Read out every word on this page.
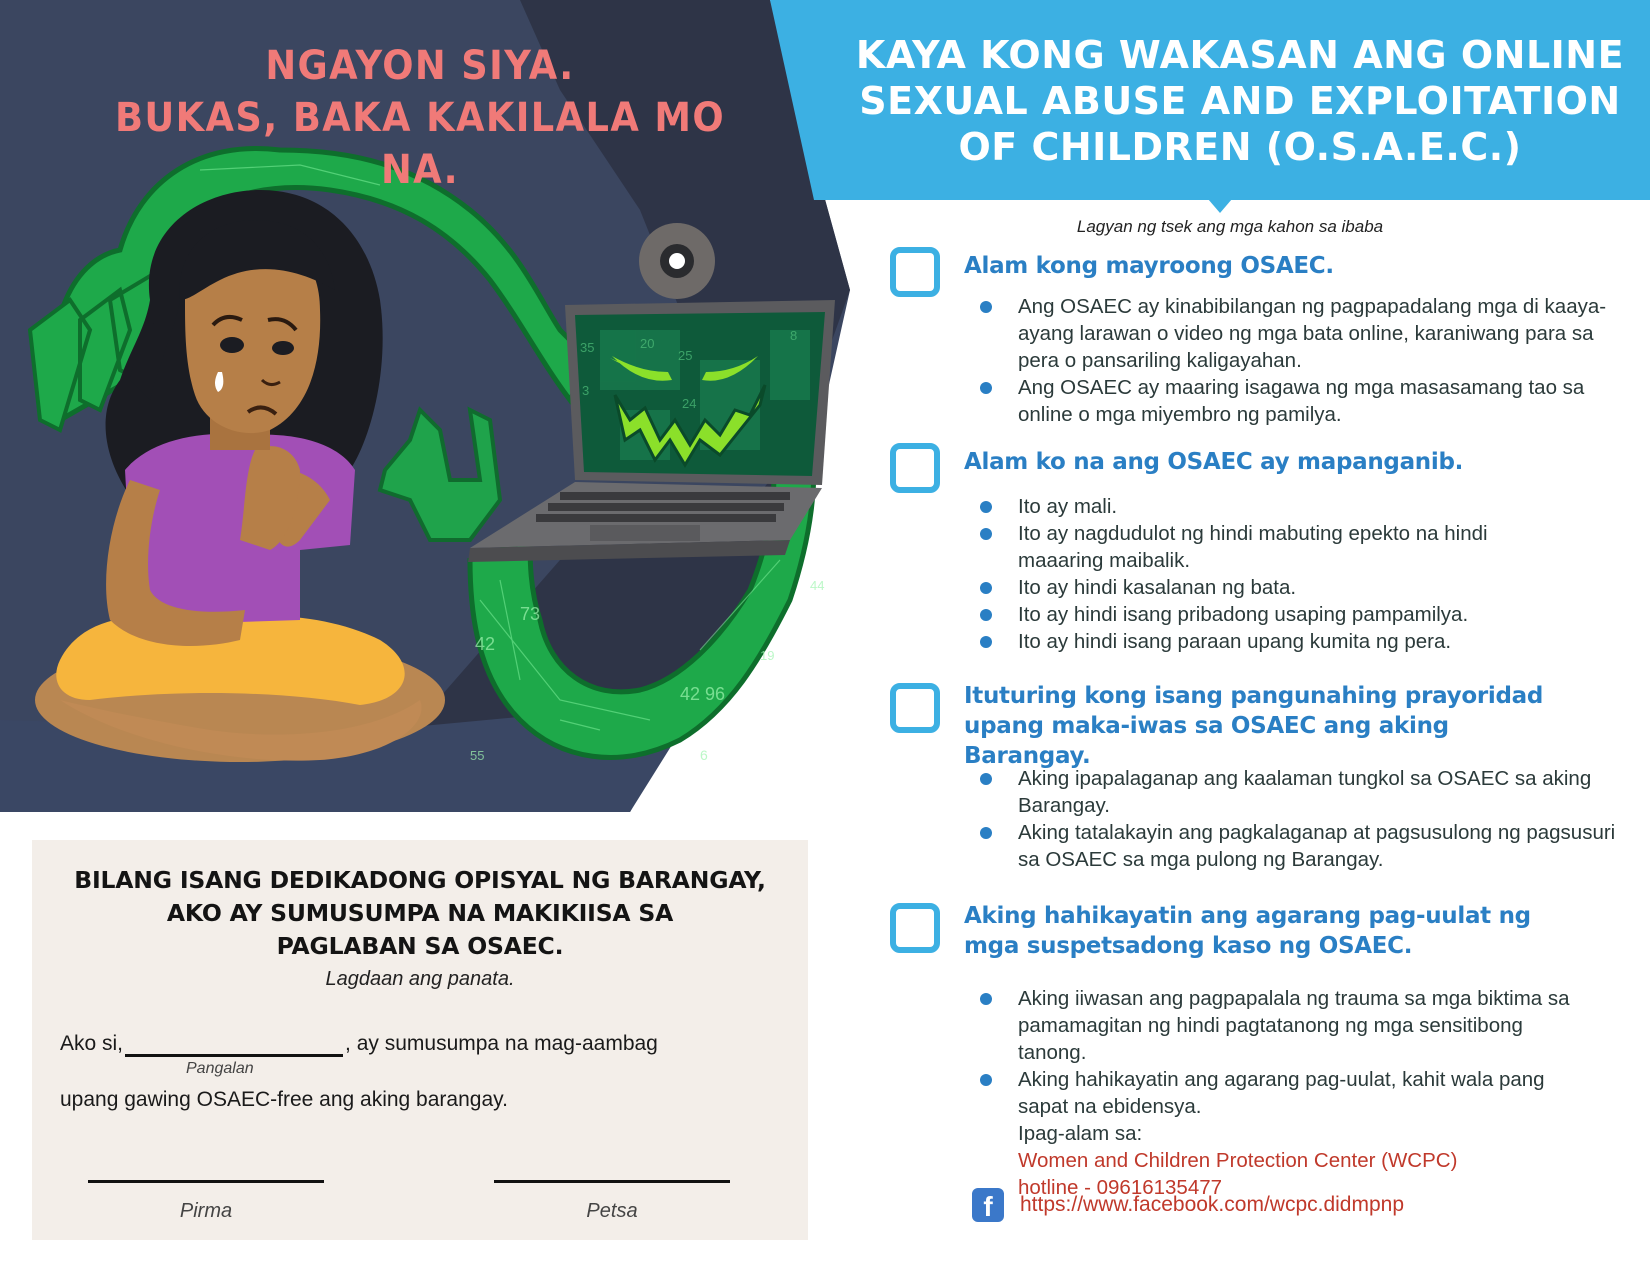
42 96
19
42
73
44
55	6
35	20
25
24
8
3
NGAYON SIYA.
BUKAS, BAKA KAKILALA MO NA.
KAYA KONG WAKASAN ANG ONLINE
SEXUAL ABUSE AND EXPLOITATION
OF CHILDREN (O.S.A.E.C.)
Lagyan ng tsek ang mga kahon sa ibaba
Alam kong mayroong OSAEC.
Ang OSAEC ay kinabibilangan ng pagpapadalang mga di kaaya-ayang larawan o video ng mga bata online, karaniwang para sa pera o pansariling kaligayahan.
Ang OSAEC ay maaring isagawa ng mga masasamang tao sa online o mga miyembro ng pamilya.
Alam ko na ang OSAEC ay mapanganib.
Ito ay mali.
Ito ay nagdudulot ng hindi mabuting epekto na hindi maaaring maibalik.
Ito ay hindi kasalanan ng bata.
Ito ay hindi isang pribadong usaping pampamilya.
Ito ay hindi isang paraan upang kumita ng pera.
Ituturing kong isang pangunahing prayoridad upang maka-iwas sa OSAEC ang aking Barangay.
Aking ipapalaganap ang kaalaman tungkol sa OSAEC sa aking Barangay.
Aking tatalakayin ang pagkalaganap at pagsusulong ng pagsusuri sa OSAEC sa mga pulong ng Barangay.
Aking hahikayatin ang agarang pag-uulat ng mga suspetsadong kaso ng OSAEC.
Aking iiwasan ang pagpapalala ng trauma sa mga biktima sa pamamagitan ng hindi pagtatanong ng mga sensitibong tanong.
Aking hahikayatin ang agarang pag-uulat, kahit wala pang sapat na ebidensya.
Ipag-alam sa:
Women and Children Protection Center (WCPC)
hotline - 09616135477
f	https://www.facebook.com/wcpc.didmpnp
BILANG ISANG DEDIKADONG OPISYAL NG BARANGAY,
AKO AY SUMUSUMPA NA MAKIKIISA SA
PAGLABAN SA OSAEC.
Lagdaan ang panata.
Ako si,	, ay sumusumpa na mag-aambag
Pangalan
upang gawing OSAEC-free ang aking barangay.
Pirma	Petsa
